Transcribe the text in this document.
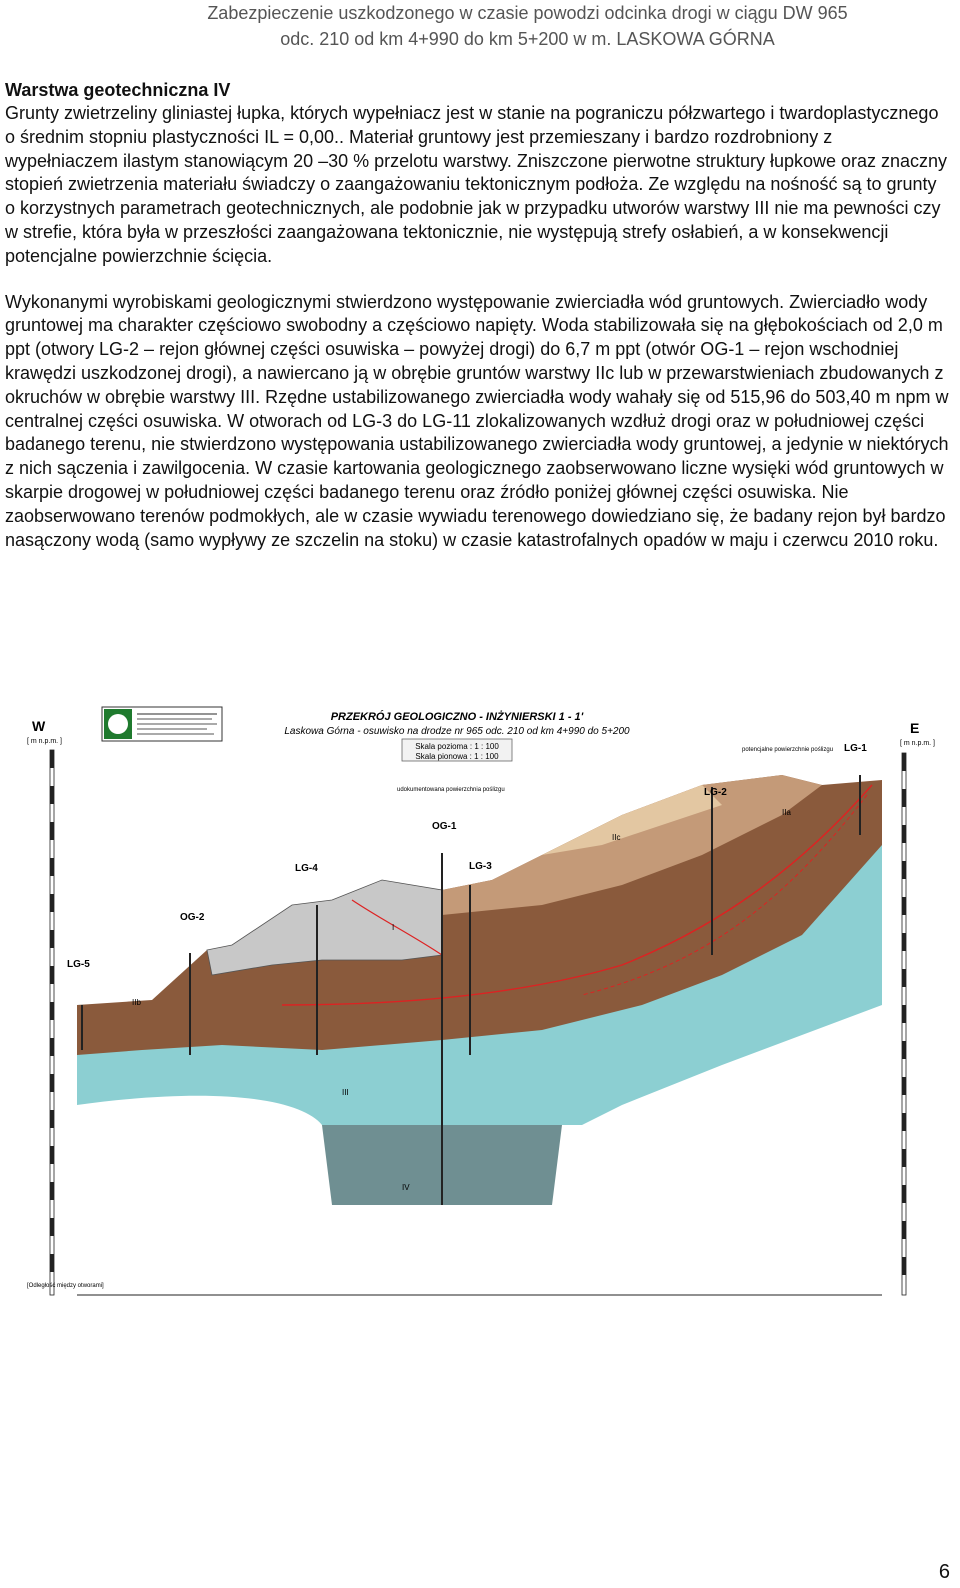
Zabezpieczenie uszkodzonego w czasie powodzi odcinka drogi w ciągu DW 965
odc. 210 od km 4+990 do km 5+200 w m. LASKOWA GÓRNA
Warstwa geotechniczna IV

Grunty zwietrzeliny gliniastej łupka, których wypełniacz jest w stanie na pograniczu półzwartego i twardoplastycznego o średnim stopniu plastyczności IL = 0,00.. Materiał gruntowy jest przemieszany i bardzo rozdrobniony z wypełniaczem ilastym stanowiącym 20 –30 % przelotu warstwy. Zniszczone pierwotne struktury łupkowe oraz znaczny stopień zwietrzenia materiału świadczy o zaangażowaniu tektonicznym podłoża. Ze względu na nośność są to grunty o korzystnych parametrach geotechnicznych, ale podobnie jak w przypadku utworów warstwy III nie ma pewności czy w strefie, która była w przeszłości zaangażowana tektonicznie, nie występują strefy osłabień, a w konsekwencji potencjalne powierzchnie ścięcia.

Wykonanymi wyrobiskami geologicznymi stwierdzono występowanie zwierciadła wód gruntowych. Zwierciadło wody gruntowej ma charakter częściowo swobodny a częściowo napięty. Woda stabilizowała się na głębokościach od 2,0 m ppt (otwory LG-2 – rejon głównej części osuwiska – powyżej drogi) do 6,7 m ppt (otwór OG-1 – rejon wschodniej krawędzi uszkodzonej drogi), a nawiercano ją w obrębie gruntów warstwy IIc lub w przewarstwieniach zbudowanych z okruchów w obrębie warstwy III. Rzędne ustabilizowanego zwierciadła wody wahały się od 515,96 do 503,40 m npm w centralnej części osuwiska. W otworach od LG-3 do LG-11 zlokalizowanych wzdłuż drogi oraz w południowej części badanego terenu, nie stwierdzono występowania ustabilizowanego zwierciadła wody gruntowej, a jedynie w niektórych z nich sączenia i zawilgocenia. W czasie kartowania geologicznego zaobserwowano liczne wysięki wód gruntowych w skarpie drogowej w południowej części badanego terenu oraz źródło poniżej głównej części osuwiska. Nie zaobserwowano terenów podmokłych, ale w czasie wywiadu terenowego dowiedziano się, że badany rejon był bardzo nasączony wodą (samo wypływy ze szczelin na stoku) w czasie katastrofalnych opadów w maju i czerwcu 2010 roku.

PRZEKRÓJ GEOLOGICZNO - INŻYNIERSKI 1 - 1'
Laskowa Górna - osuwisko na drodze nr 965 odc. 210 od km 4+990 do 5+200
Skala pozioma : 1 : 100
Skala pionowa : 1 : 100
W
[ m n.p.m. ]
E
[ m n.p.m. ]
LG-5
OG-2
LG-4
OG-1
LG-3
LG-2
LG-1
udokumentowana powierzchnia poślizgu
potencjalne powierzchnie poślizgu
I
IIa
IIb
IIc
III
IV
[Odległość między otworami]
6
